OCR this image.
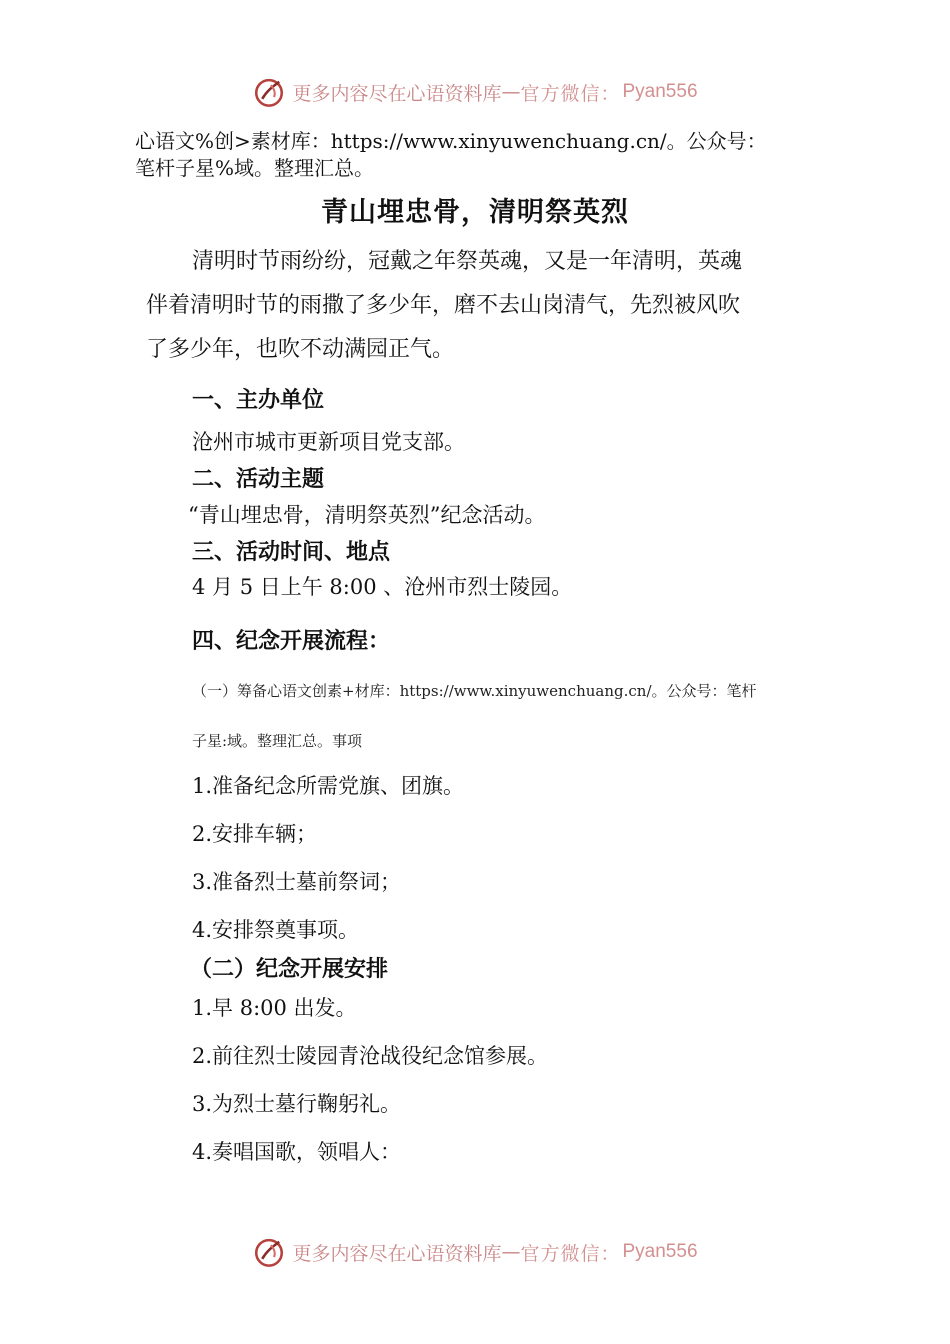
更多内容尽在心语资料库 — 官方微信： Pyan556
心语文%创>素材库：https://www.xinyuwenchuang.cn/。公众号：
笔杆子星%域。整理汇总。
青山埋忠骨，清明祭英烈
清明时节雨纷纷，冠戴之年祭英魂，又是一年清明，英魂
伴着清明时节的雨撒了多少年，磨不去山岗清气，先烈被风吹
了多少年，也吹不动满园正气。
一、主办单位
沧州市城市更新项目党支部。
二、活动主题
“青山埋忠骨，清明祭英烈”纪念活动。
三、活动时间、地点
4 月 5 日上午 8:00 、沧州市烈士陵园。
四、纪念开展流程：
（一）筹备心语文创素+材库：https://www.xinyuwenchuang.cn/。公众号：笔杆
子星:域。整理汇总。事项
1.准备纪念所需党旗、团旗。
2.安排车辆；
3.准备烈士墓前祭词；
4.安排祭奠事项。
（二）纪念开展安排
1.早 8:00 出发。
2.前往烈士陵园青沧战役纪念馆参展。
3.为烈士墓行鞠躬礼。
4.奏唱国歌，领唱人：
更多内容尽在心语资料库 — 官方微信： Pyan556
